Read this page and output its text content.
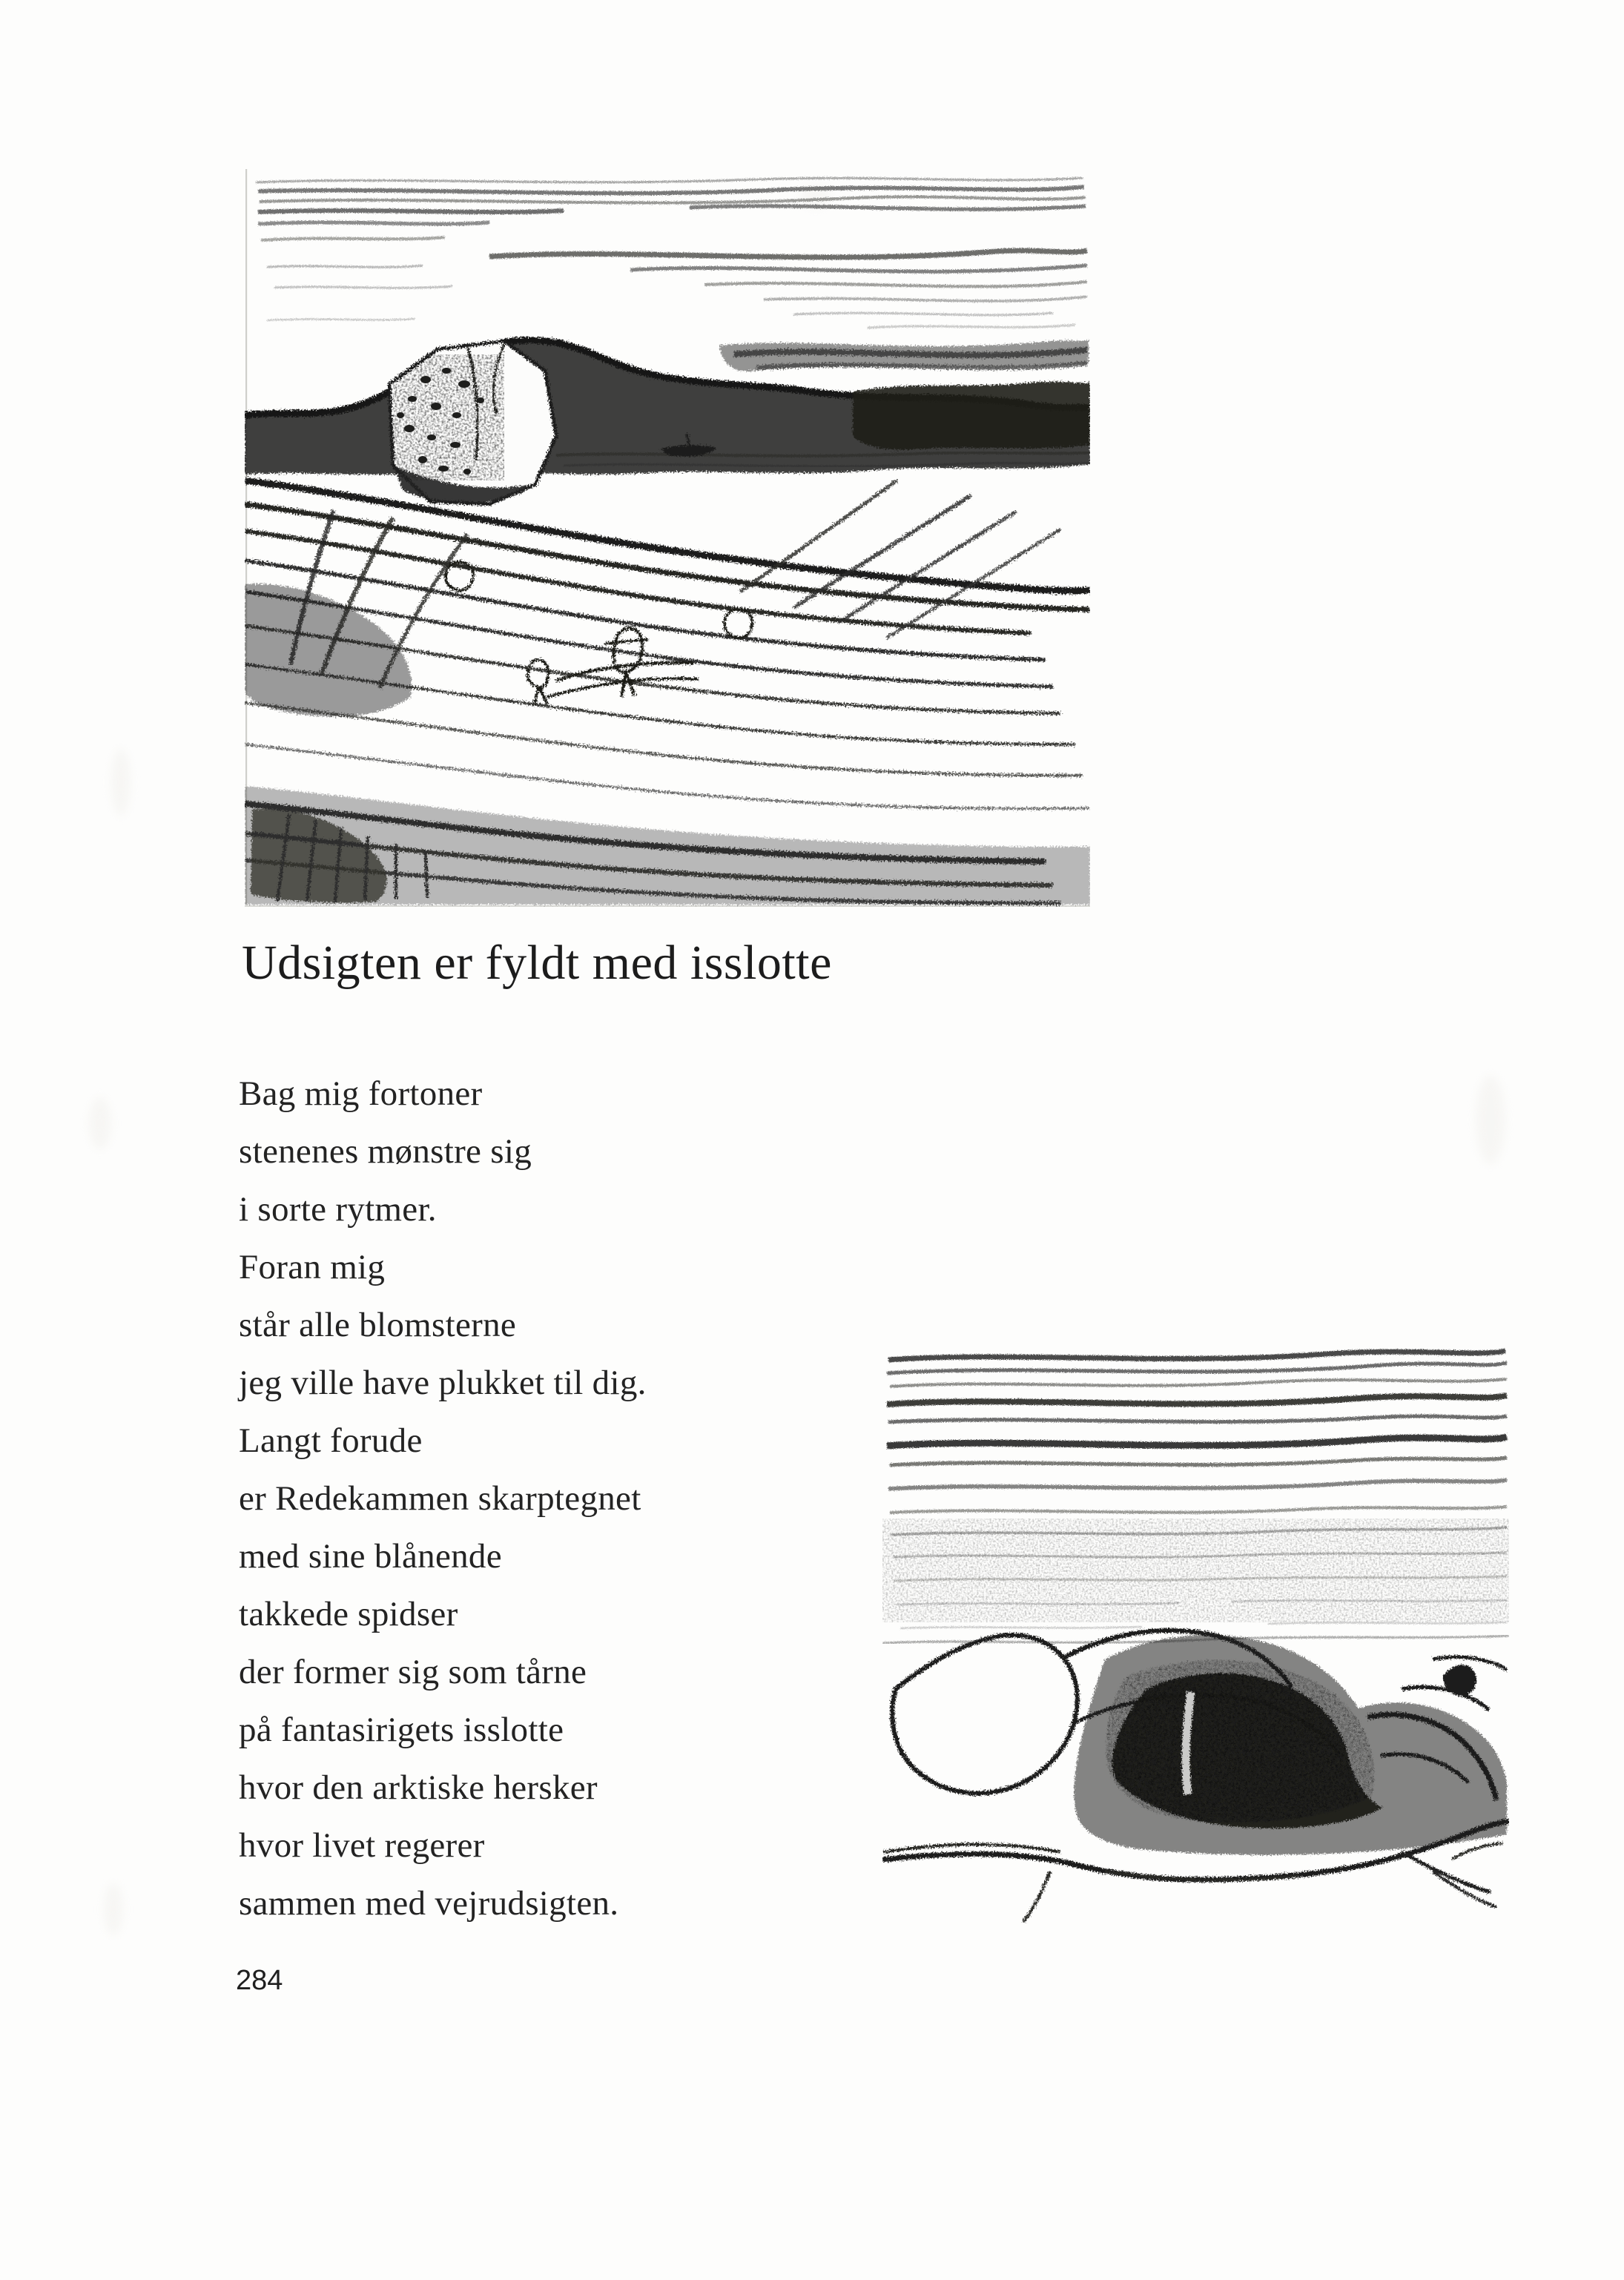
Udsigten er fyldt med isslotte
Bag mig fortoner
stenenes mønstre sig
i sorte rytmer.
Foran mig
står alle blomsterne
jeg ville have plukket til dig.
Langt forude
er Redekammen skarptegnet
med sine blånende
takkede spidser
der former sig som tårne
på fantasirigets isslotte
hvor den arktiske hersker
hvor livet regerer
sammen med vejrudsigten.
284
